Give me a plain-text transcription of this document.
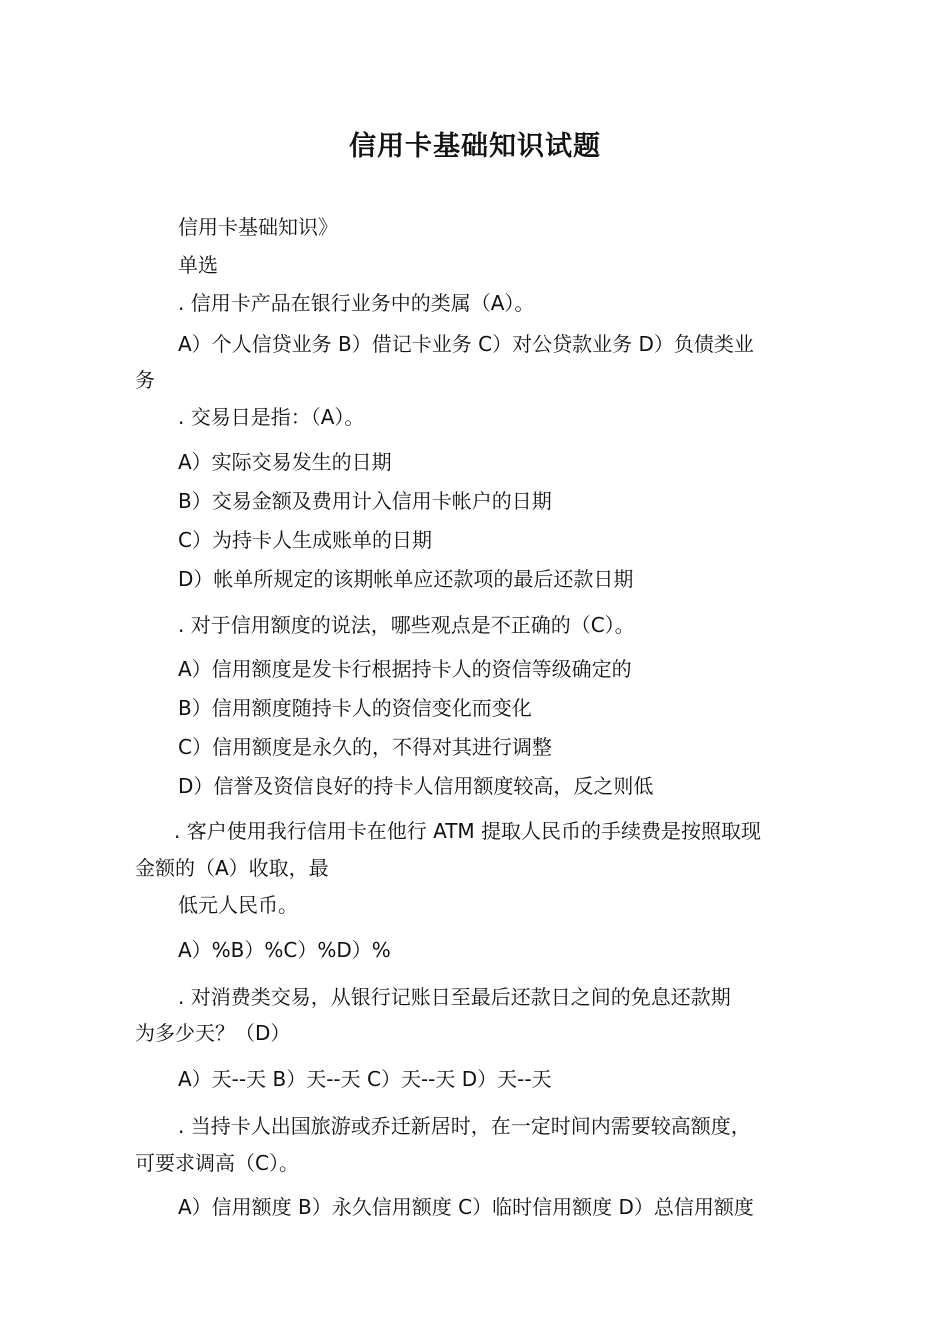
信用卡基础知识试题
信用卡基础知识》
单选
. 信用卡产品在银行业务中的类属（A）。
A）个人信贷业务 B）借记卡业务 C）对公贷款业务 D）负债类业
务
. 交易日是指：（A）。
A）实际交易发生的日期
B）交易金额及费用计入信用卡帐户的日期
C）为持卡人生成账单的日期
D）帐单所规定的该期帐单应还款项的最后还款日期
. 对于信用额度的说法，哪些观点是不正确的（C）。
A）信用额度是发卡行根据持卡人的资信等级确定的
B）信用额度随持卡人的资信变化而变化
C）信用额度是永久的，不得对其进行调整
D）信誉及资信良好的持卡人信用额度较高，反之则低
. 客户使用我行信用卡在他行 ATM 提取人民币的手续费是按照取现
金额的（A）收取，最
低元人民币。
A）%B）%C）%D）%
. 对消费类交易，从银行记账日至最后还款日之间的免息还款期
为多少天？（D）
A）天--天 B）天--天 C）天--天 D）天--天
. 当持卡人出国旅游或乔迁新居时，在一定时间内需要较高额度，
可要求调高（C）。
A）信用额度 B）永久信用额度 C）临时信用额度 D）总信用额度
